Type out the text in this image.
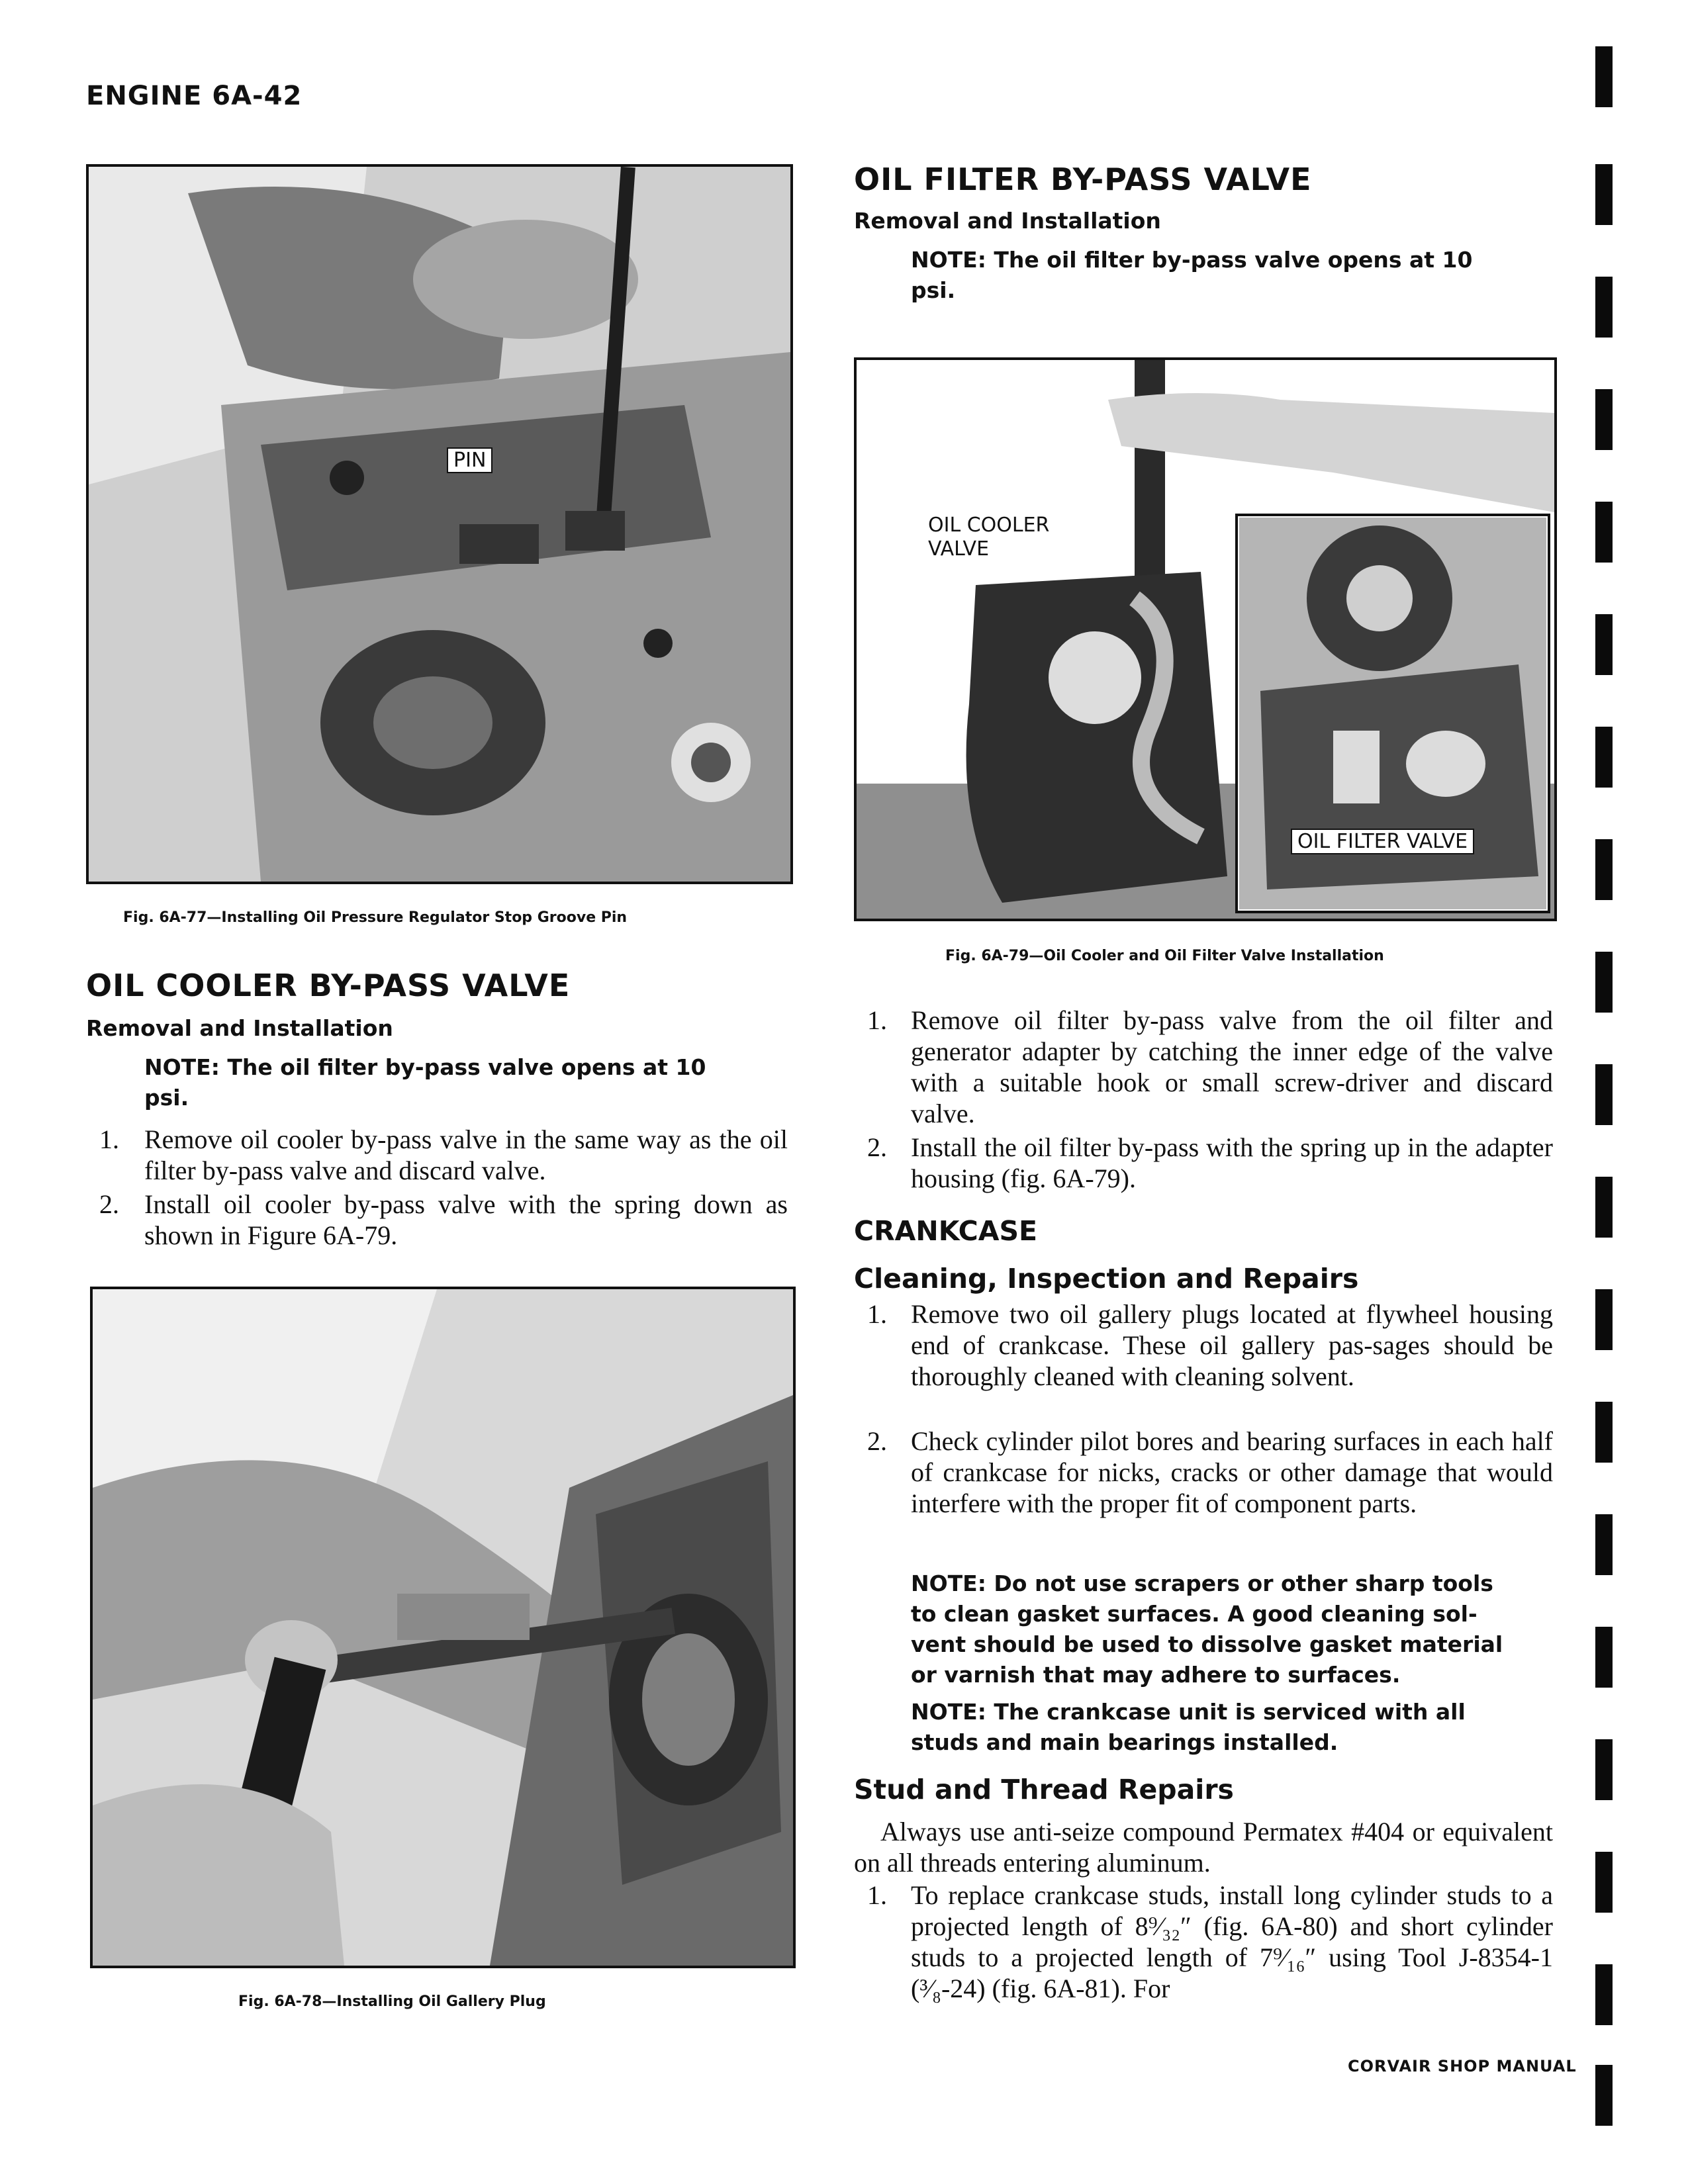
ENGINE 6A-42
CORVAIR SHOP MANUAL
PIN
Fig. 6A-77—Installing Oil Pressure Regulator Stop Groove Pin
OIL COOLER BY-PASS VALVE
Removal and Installation
NOTE: The oil filter by-pass valve opens at 10 psi.
1. Remove oil cooler by-pass valve in the same way as the oil filter by-pass valve and discard valve.
2. Install oil cooler by-pass valve with the spring down as shown in Figure 6A-79.
Fig. 6A-78—Installing Oil Gallery Plug
OIL FILTER BY-PASS VALVE
Removal and Installation
NOTE: The oil filter by-pass valve opens at 10 psi.
OIL COOLER
VALVE
OIL FILTER VALVE
Fig. 6A-79—Oil Cooler and Oil Filter Valve Installation
1. Remove oil filter by-pass valve from the oil filter and generator adapter by catching the inner edge of the valve with a suitable hook or small screw-driver and discard valve.
2. Install the oil filter by-pass with the spring up in the adapter housing (fig. 6A-79).
CRANKCASE
Cleaning, Inspection and Repairs
1. Remove two oil gallery plugs located at flywheel housing end of crankcase. These oil gallery pas-sages should be thoroughly cleaned with cleaning solvent.
2. Check cylinder pilot bores and bearing surfaces in each half of crankcase for nicks, cracks or other damage that would interfere with the proper fit of component parts.
NOTE: Do not use scrapers or other sharp tools to clean gasket surfaces. A good cleaning sol-vent should be used to dissolve gasket material or varnish that may adhere to surfaces.
NOTE: The crankcase unit is serviced with all studs and main bearings installed.
Stud and Thread Repairs
Always use anti-seize compound Permatex #404 or equivalent on all threads entering aluminum.
1. To replace crankcase studs, install long cylinder studs to a projected length of 8⁹⁄₃₂″ (fig. 6A-80) and short cylinder studs to a projected length of 7⁹⁄₁₆″ using Tool J-8354-1 (³⁄₈-24) (fig. 6A-81). For
